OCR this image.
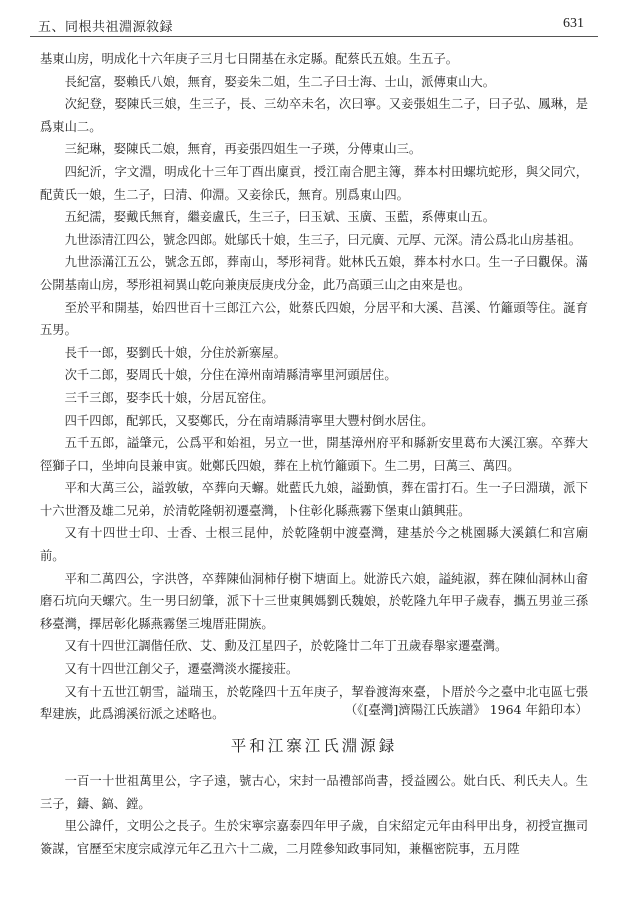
五、同根共祖淵源敘録	631

基東山房，明成化十六年庚子三月七日開基在永定縣。配蔡氏五娘。生五子。

長紀富，娶賴氏八娘，無育，娶妾朱二姐，生二子曰士海、士山，派傳東山大。

次紀登，娶陳氏三娘，生三子，長、三幼卒未名，次曰寧。又妾張姐生二子，曰子弘、鳳琳，是爲東山二。

三紀琳，娶陳氏二娘，無育，再妾張四姐生一子瑛，分傳東山三。

四紀沂，字文淵，明成化十三年丁酉出廩貢，授江南合肥主簿，葬本村田螺坑蛇形，與父同穴，配黄氏一娘，生二子，曰清、仰淵。又妾徐氏，無育。別爲東山四。

五紀濡，娶戴氏無育，繼妾盧氏，生三子，曰玉斌、玉廣、玉藍，系傳東山五。

九世添清江四公，號念四郎。妣鄔氏十娘，生三子，曰元廣、元厚、元深。清公爲北山房基祖。

九世添滿江五公，號念五郎，葬南山，琴形祠背。妣林氏五娘，葬本村水口。生一子曰觀保。滿公開基南山房，琴形祖祠異山乾向兼庚辰庚戌分金，此乃高頭三山之由來是也。

至於平和開基，始四世百十三郎江六公，妣蔡氏四娘，分居平和大溪、莒溪、竹籬頭等住。誕育五男。

長千一郎，娶劉氏十娘，分住於新寨屋。

次千二郎，娶周氏十娘，分住在漳州南靖縣清寧里河頭居住。

三千三郎，娶李氏十娘，分居瓦窑住。

四千四郎，配郭氏，又娶鄭氏，分在南靖縣清寧里大豐村倒水居住。

五千五郎，謚肇元，公爲平和始祖，另立一世，開基漳州府平和縣新安里葛布大溪江寨。卒葬大徑獅子口，坐坤向艮兼申寅。妣鄭氏四娘，葬在上杭竹籬頭下。生二男，曰萬三、萬四。

平和大萬三公，謚敦敏，卒葬向天蠏。妣藍氏九娘，謚勤慎，葬在雷打石。生一子曰淵璜，派下十六世潛及雄二兄弟，於清乾隆朝初遷臺灣，卜住彰化縣燕霧下堡東山鎮興莊。

又有十四世士印、士香、士根三昆仲，於乾隆朝中渡臺灣，建基於今之桃園縣大溪鎮仁和宫廟前。

平和二萬四公，字洪啓，卒葬陳仙洞柿仔樹下塘面上。妣游氏六娘，謚純淑，葬在陳仙洞林山畲磨石坑向天螺穴。生一男曰紉肇，派下十三世東興媽劉氏魏娘，於乾隆九年甲子歲春，攜五男並三孫移臺灣，擇居彰化縣燕霧堡三塊厝莊開族。

又有十四世江調偕任欣、艾、勳及江星四子，於乾隆廿二年丁丑歲春舉家遷臺灣。

又有十四世江創父子，遷臺灣淡水擺接莊。

又有十五世江朝雪，謚瑞玉，於乾隆四十五年庚子，挈眷渡海來臺，卜厝於今之臺中北屯區七張犁建族，此爲鴻溪衍派之述略也。	（《[臺灣]濟陽江氏族譜》 1964 年鉛印本）
平和江寨江氏淵源録

一百一十世祖萬里公，字子遠，號古心，宋封一品禮部尚書，授益國公。妣白氏、利氏夫人。生三子，鑄、鎬、鏜。

里公諱仟，文明公之長子。生於宋寧宗嘉泰四年甲子歲，自宋紹定元年由科甲出身，初授宣撫司簽謀，官歷至宋度宗咸淳元年乙丑六十二歲，二月陞參知政事同知，兼樞密院事，五月陞
